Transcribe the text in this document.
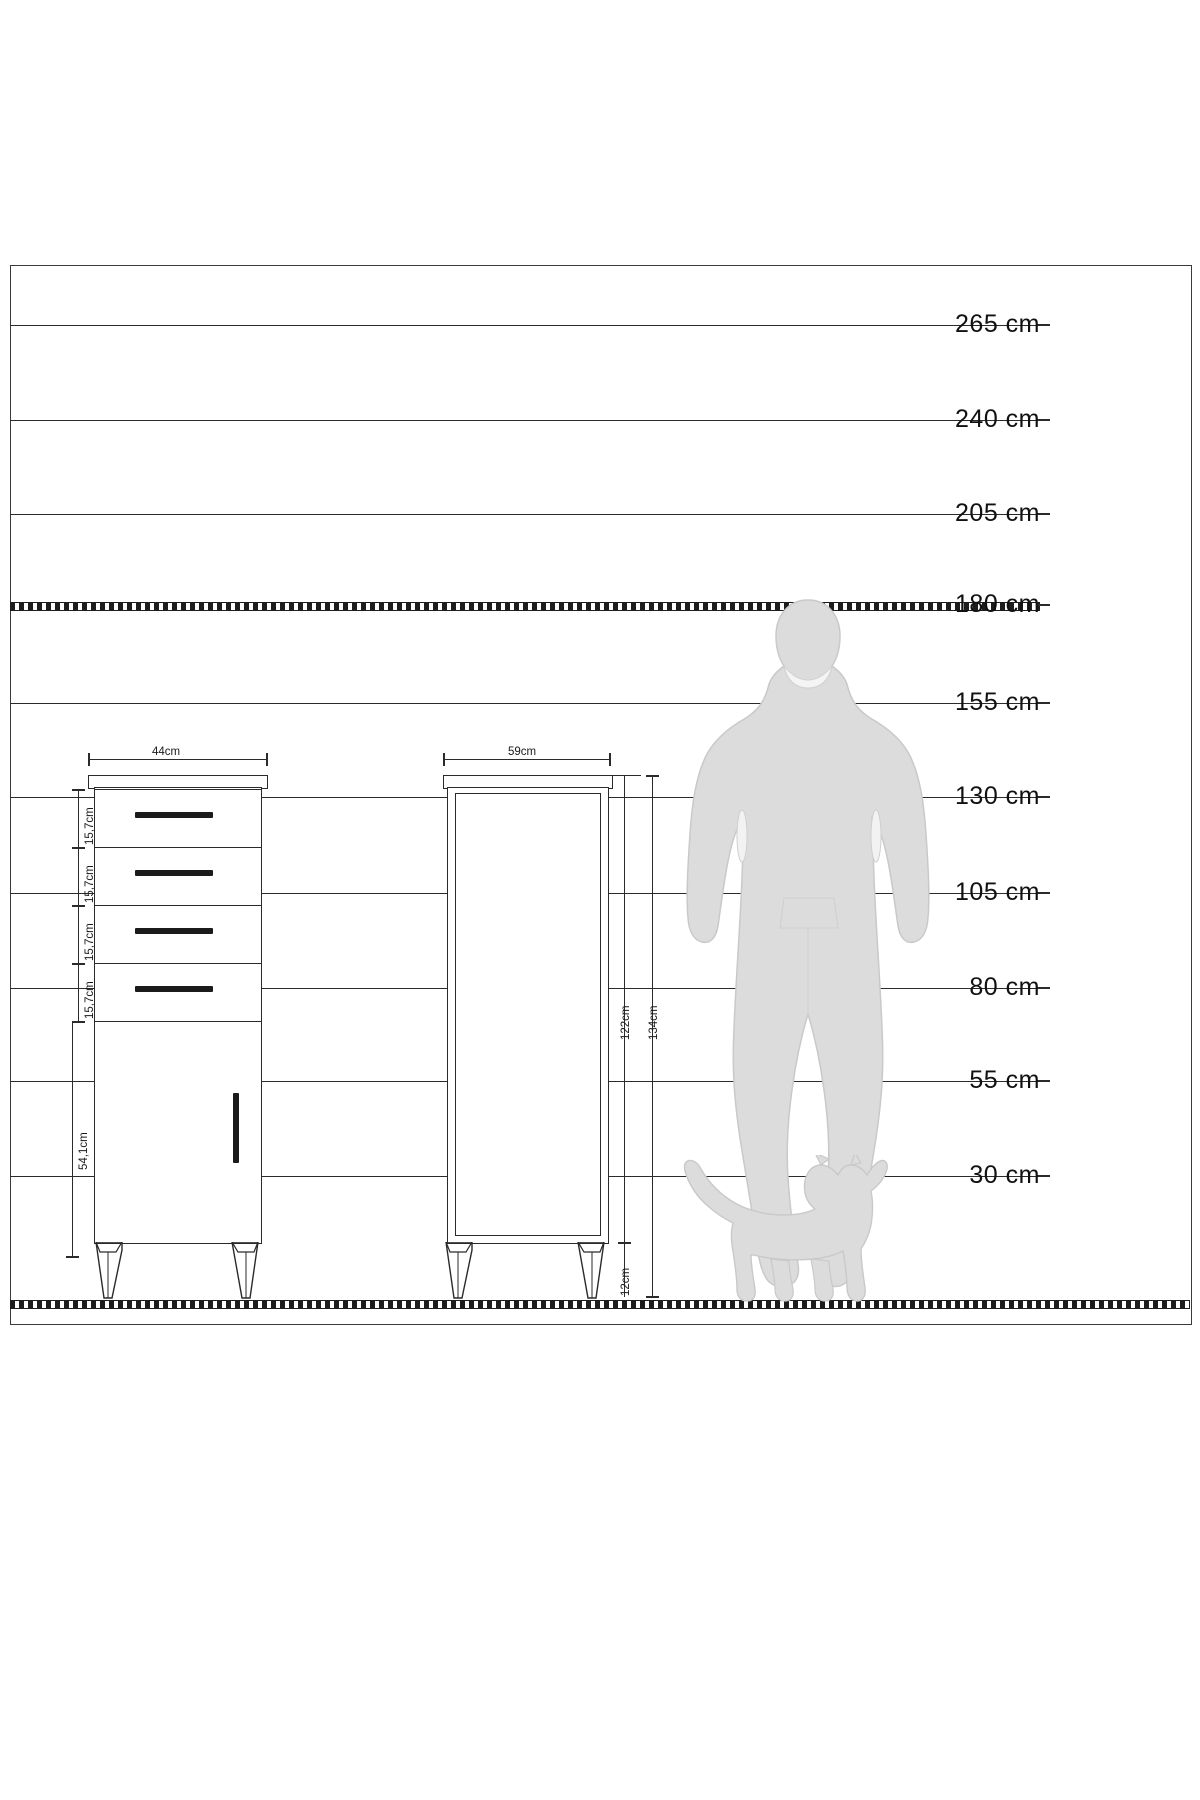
265 cm
240 cm
205 cm
180 cm
155 cm
130 cm
105 cm
80 cm
55 cm
30 cm
44cm
15,7cm
15,7cm
15,7cm
15,7cm
54,1cm
59cm
122cm
12cm
134cm
